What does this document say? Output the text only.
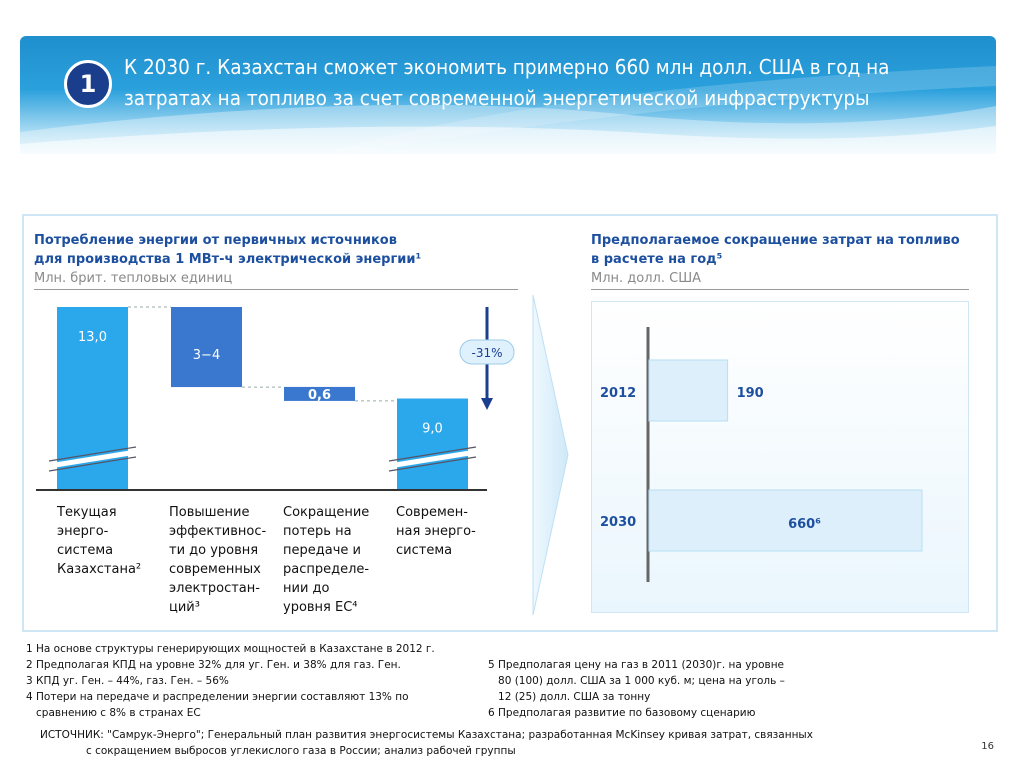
1
К 2030 г. Казахстан сможет экономить примерно 660 млн долл. США в год на
затратах на топливо за счет современной энергетической инфраструктуры
Потребление энергии от первичных источников
для производства 1 МВт-ч электрической энергии¹
Млн. брит. тепловых единиц
Предполагаемое сокращение затрат на топливо
в расчете на год⁵
Млн. долл. США
13,0
3−4
0,6
9,0
-31%
2012	190
2030	660⁶
Текущая
энерго-
система
Казахстана²
Повышение
эффективнос-
ти до уровня
современных
электростан-
ций³
Сокращение
потерь на
передаче и
распределе-
нии до
уровня ЕС⁴
Современ-
ная энерго-
система
1 На основе структуры генерирующих мощностей в Казахстане в 2012 г.
2 Предполагая КПД на уровне 32% для уг. Ген. и 38% для газ. Ген.
3 КПД уг. Ген. – 44%, газ. Ген. – 56%
4 Потери на передаче и распределении энергии составляют 13% по
сравнению с 8% в странах ЕС
5 Предполагая цену на газ в 2011 (2030)г. на уровне
80 (100) долл. США за 1 000 куб. м; цена на уголь –
12 (25) долл. США за тонну
6 Предполагая развитие по базовому сценарию
ИСТОЧНИК: "Самрук-Энерго"; Генеральный план развития энергосистемы Казахстана; разработанная McKinsey кривая затрат, связанных
с сокращением выбросов углекислого газа в России; анализ рабочей группы	16
